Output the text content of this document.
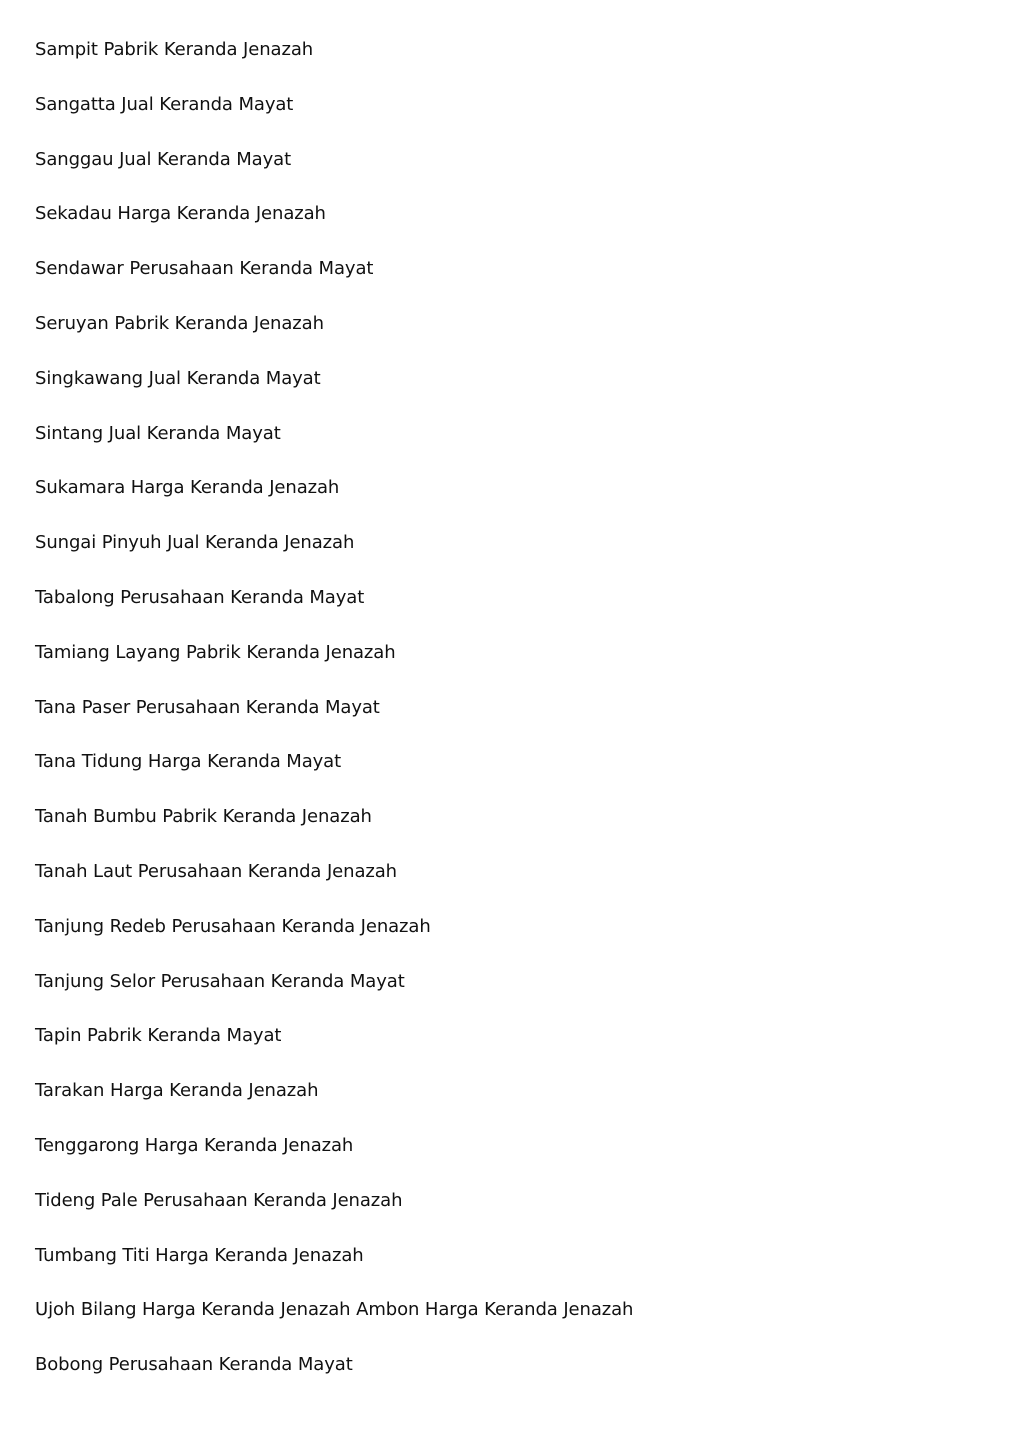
Sampit Pabrik Keranda Jenazah
Sangatta Jual Keranda Mayat
Sanggau Jual Keranda Mayat
Sekadau Harga Keranda Jenazah
Sendawar Perusahaan Keranda Mayat
Seruyan Pabrik Keranda Jenazah
Singkawang Jual Keranda Mayat
Sintang Jual Keranda Mayat
Sukamara Harga Keranda Jenazah
Sungai Pinyuh Jual Keranda Jenazah
Tabalong Perusahaan Keranda Mayat
Tamiang Layang Pabrik Keranda Jenazah
Tana Paser Perusahaan Keranda Mayat
Tana Tidung Harga Keranda Mayat
Tanah Bumbu Pabrik Keranda Jenazah
Tanah Laut Perusahaan Keranda Jenazah
Tanjung Redeb Perusahaan Keranda Jenazah
Tanjung Selor Perusahaan Keranda Mayat
Tapin Pabrik Keranda Mayat
Tarakan Harga Keranda Jenazah
Tenggarong Harga Keranda Jenazah
Tideng Pale Perusahaan Keranda Jenazah
Tumbang Titi Harga Keranda Jenazah
Ujoh Bilang Harga Keranda Jenazah Ambon Harga Keranda Jenazah
Bobong Perusahaan Keranda Mayat
